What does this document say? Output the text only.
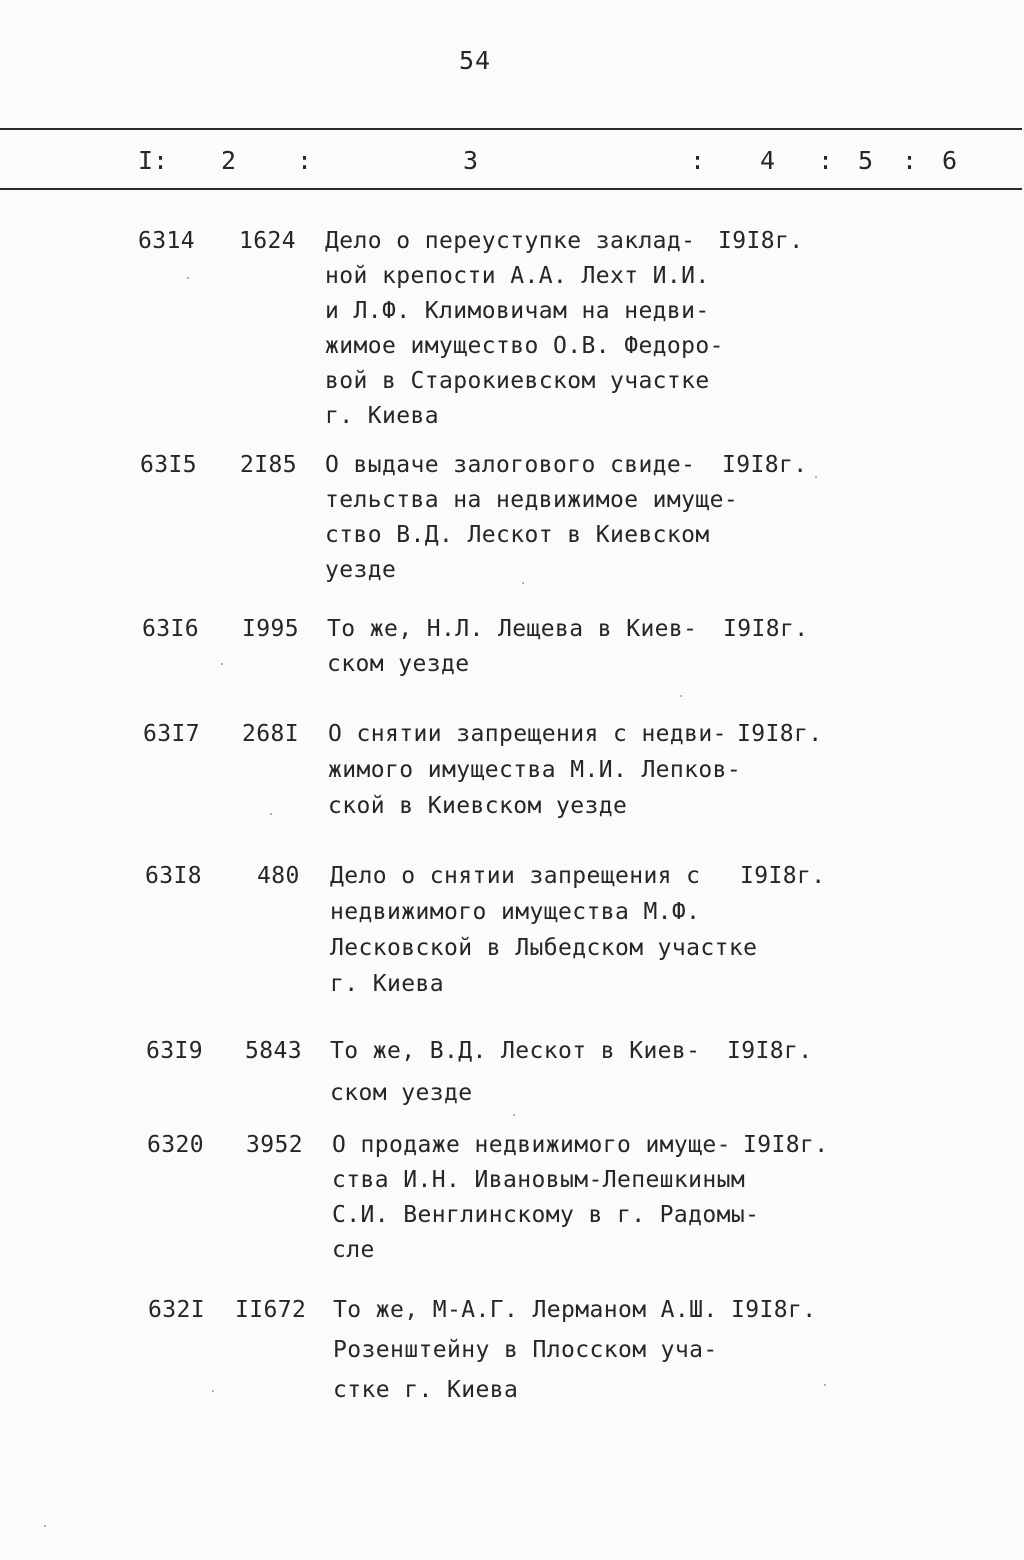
54
I: 2 :	3	: 4 : 5 : 6
6314 1624 Дело о переуступке заклад-
ной крепости А.А. Лехт И.И.
и Л.Ф. Климовичам на недви-
жимое имущество О.В. Федоро-
вой в Старокиевском участке
г. Киева
I9I8г.
63I5 2I85 О выдаче залогового свиде-
тельства на недвижимое имуще-
ство В.Д. Лескот в Киевском
уезде
I9I8г.
63I6 I995 То же, Н.Л. Лещева в Киев-
ском уезде
I9I8г.
63I7 268I О снятии запрещения с недви-
жимого имущества М.И. Лепков-
ской в Киевском уезде
I9I8г.
63I8 480 Дело о снятии запрещения с
недвижимого имущества М.Ф.
Лесковской в Лыбедском участке
г. Киева
I9I8г.
63I9 5843 То же, В.Д. Лескот в Киев-
ском уезде
I9I8г.
6320 3952 О продаже недвижимого имуще-
ства И.Н. Ивановым-Лепешкиным
С.И. Венглинскому в г. Радомы-
сле
I9I8г.
632I II672 То же, М-А.Г. Лерманом А.Ш.
Розенштейну в Плосском уча-
стке г. Киева
I9I8г.
